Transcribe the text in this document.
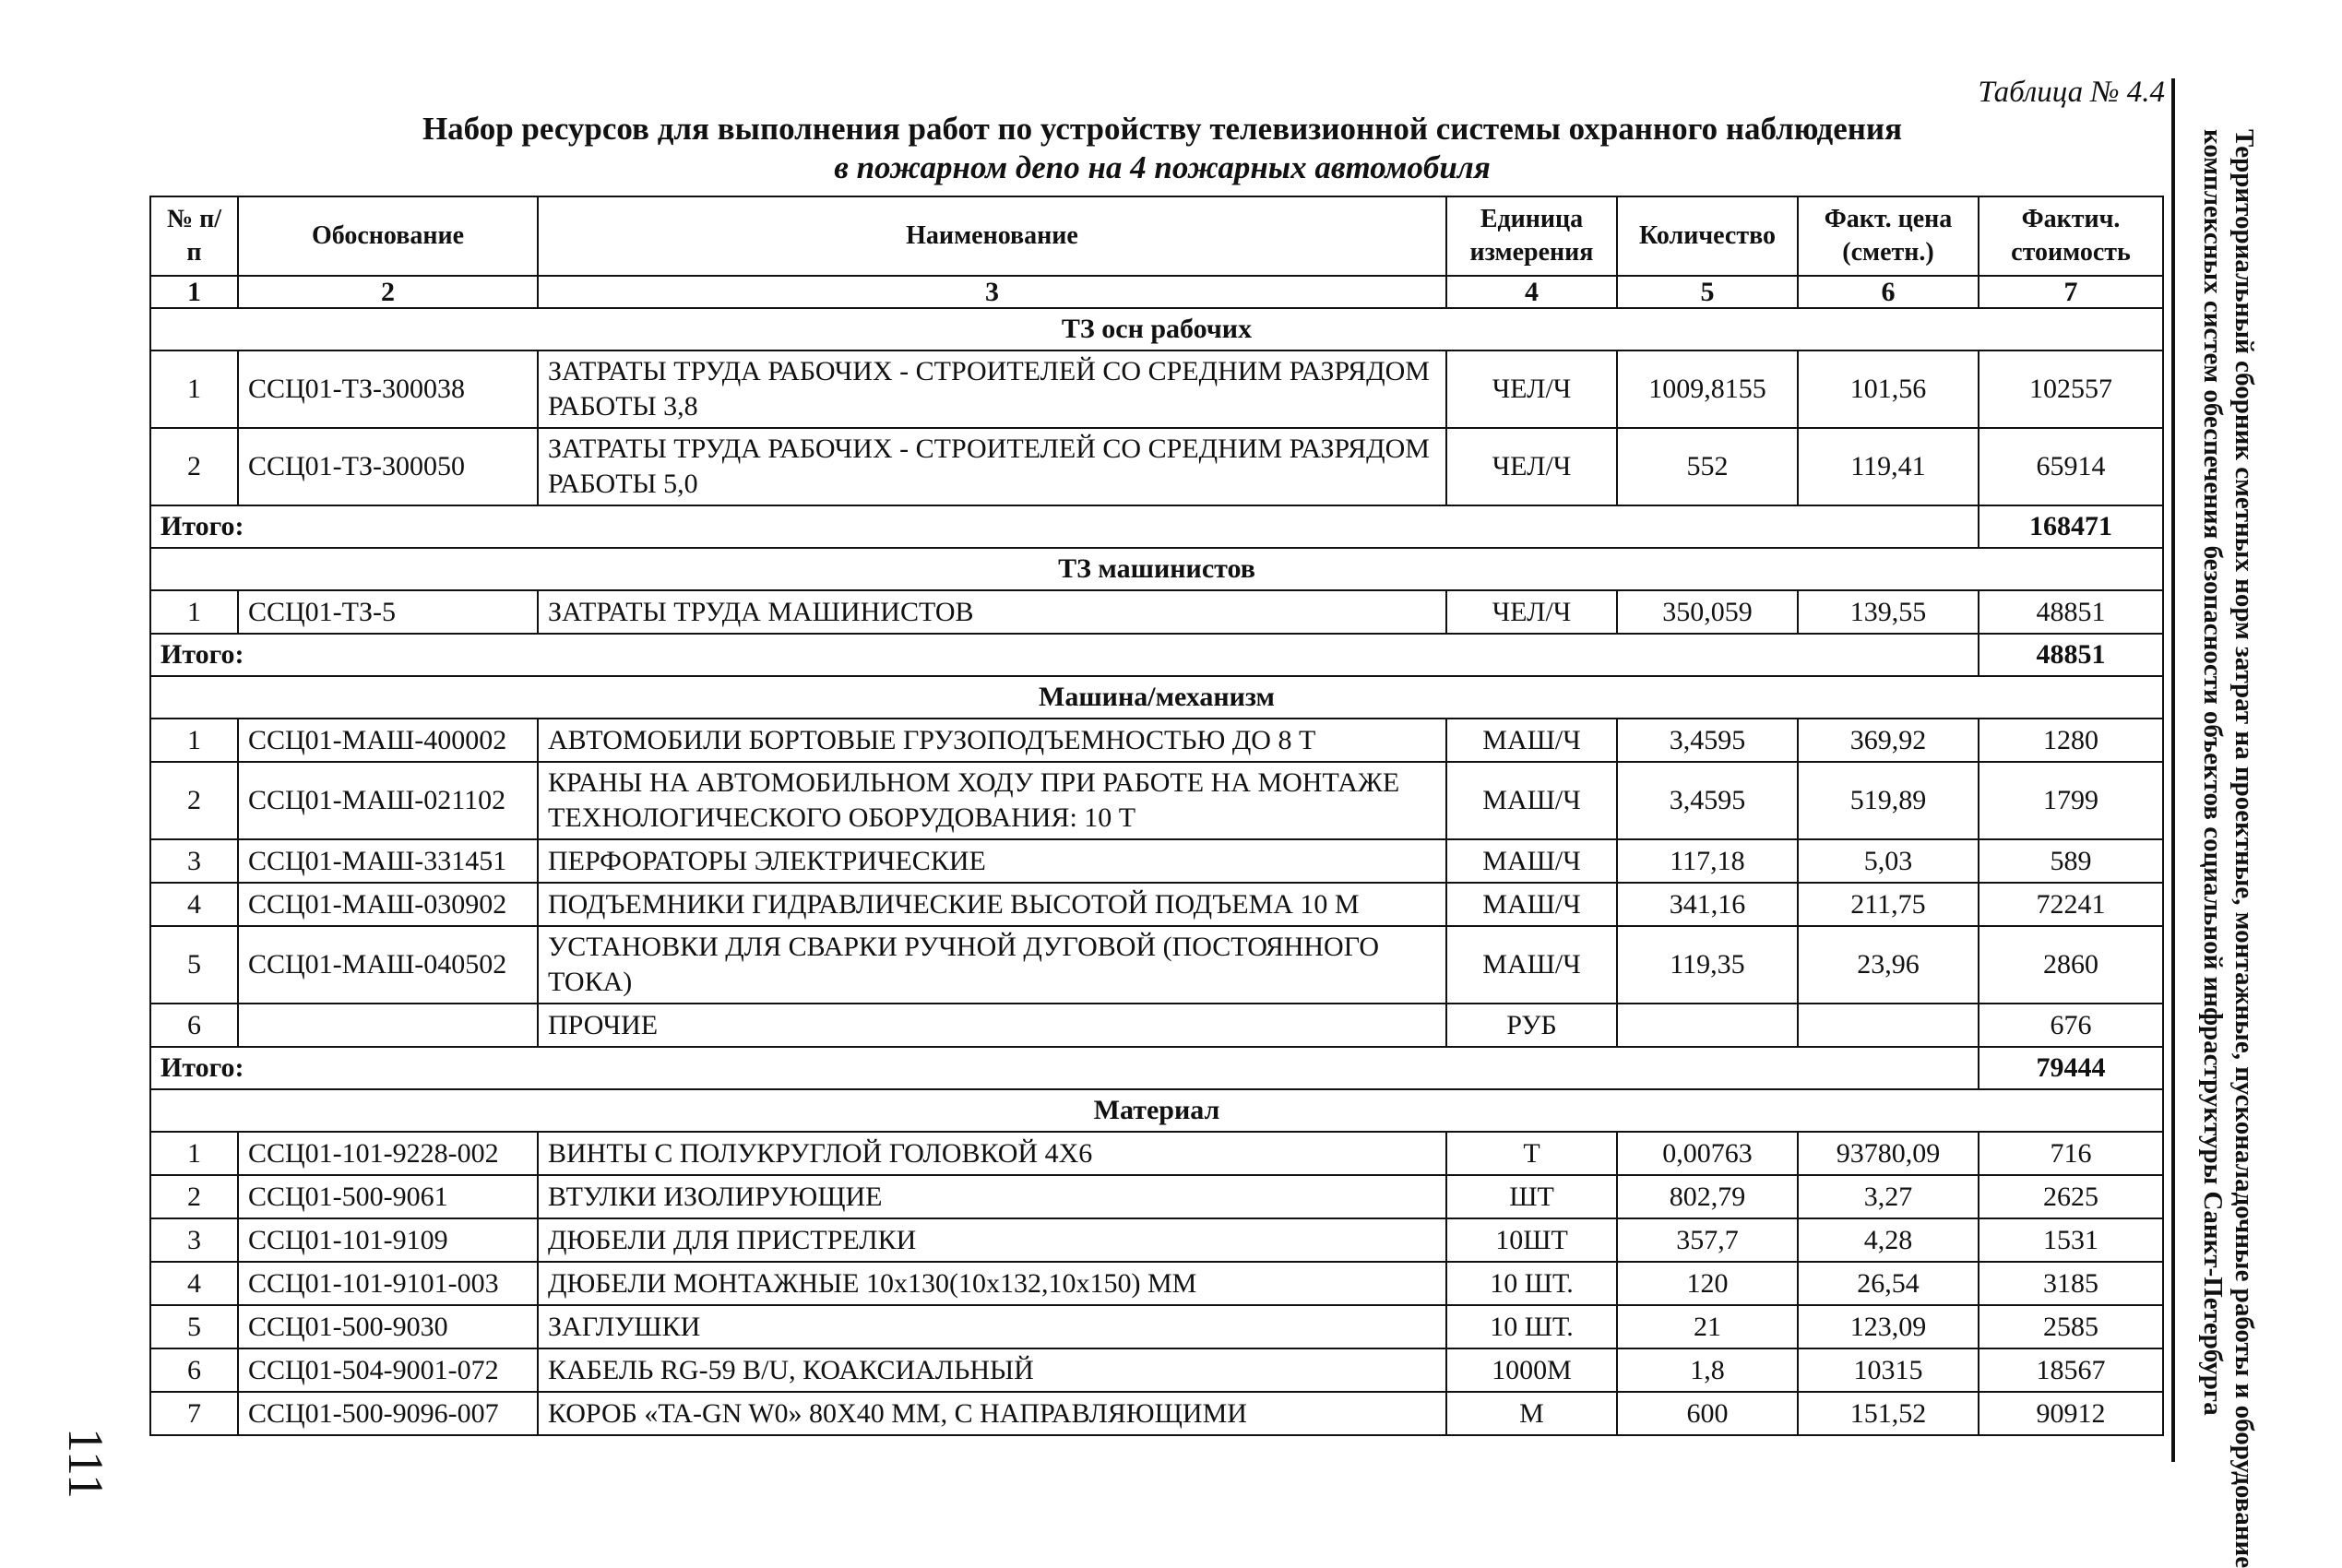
Таблица № 4.4
Набор ресурсов для выполнения работ по устройству телевизионной системы охранного наблюдения
в пожарном депо на 4 пожарных автомобиля	Территориальный сборник сметных норм затрат на проектные, монтажные, пусконаладочные работы и оборудование
комплексных систем обеспечения безопасности объектов социальной инфраструктуры Санкт-Петербурга
111
№ п/п	Обоснование	Наименование	Единица измерения	Количество	Факт. цена (сметн.)	Фактич. стоимость
1	2	3	4	5	6	7
ТЗ осн рабочих						
1	ССЦ01-ТЗ-300038	ЗАТРАТЫ ТРУДА РАБОЧИХ - СТРОИТЕЛЕЙ СО СРЕДНИМ РАЗРЯДОМ РАБОТЫ 3,8	ЧЕЛ/Ч	1009,8155	101,56	102557
2	ССЦ01-ТЗ-300050	ЗАТРАТЫ ТРУДА РАБОЧИХ - СТРОИТЕЛЕЙ СО СРЕДНИМ РАЗРЯДОМ РАБОТЫ 5,0	ЧЕЛ/Ч	552	119,41	65914
Итого:						168471
ТЗ машинистов						
1	ССЦ01-ТЗ-5	ЗАТРАТЫ ТРУДА МАШИНИСТОВ	ЧЕЛ/Ч	350,059	139,55	48851
Итого:						48851
Машина/механизм						
1	ССЦ01-МАШ-400002	АВТОМОБИЛИ БОРТОВЫЕ ГРУЗОПОДЪЕМНОСТЬЮ ДО 8 Т	МАШ/Ч	3,4595	369,92	1280
2	ССЦ01-МАШ-021102	КРАНЫ НА АВТОМОБИЛЬНОМ ХОДУ ПРИ РАБОТЕ НА МОНТАЖЕ ТЕХНОЛОГИЧЕСКОГО ОБОРУДОВАНИЯ: 10 Т	МАШ/Ч	3,4595	519,89	1799
3	ССЦ01-МАШ-331451	ПЕРФОРАТОРЫ ЭЛЕКТРИЧЕСКИЕ	МАШ/Ч	117,18	5,03	589
4	ССЦ01-МАШ-030902	ПОДЪЕМНИКИ ГИДРАВЛИЧЕСКИЕ ВЫСОТОЙ ПОДЪЕМА 10 М	МАШ/Ч	341,16	211,75	72241
5	ССЦ01-МАШ-040502	УСТАНОВКИ ДЛЯ СВАРКИ РУЧНОЙ ДУГОВОЙ (ПОСТОЯННОГО ТОКА)	МАШ/Ч	119,35	23,96	2860
6		ПРОЧИЕ	РУБ			676
Итого:						79444
Материал						
1	ССЦ01-101-9228-002	ВИНТЫ С ПОЛУКРУГЛОЙ ГОЛОВКОЙ 4Х6	Т	0,00763	93780,09	716
2	ССЦ01-500-9061	ВТУЛКИ ИЗОЛИРУЮЩИЕ	ШТ	802,79	3,27	2625
3	ССЦ01-101-9109	ДЮБЕЛИ ДЛЯ ПРИСТРЕЛКИ	10ШТ	357,7	4,28	1531
4	ССЦ01-101-9101-003	ДЮБЕЛИ МОНТАЖНЫЕ 10х130(10х132,10х150) ММ	10 ШТ.	120	26,54	3185
5	ССЦ01-500-9030	ЗАГЛУШКИ	10 ШТ.	21	123,09	2585
6	ССЦ01-504-9001-072	КАБЕЛЬ RG-59 B/U, КОАКСИАЛЬНЫЙ	1000М	1,8	10315	18567
7	ССЦ01-500-9096-007	КОРОБ «TA-GN W0» 80X40 ММ, С НАПРАВЛЯЮЩИМИ	М	600	151,52	90912
